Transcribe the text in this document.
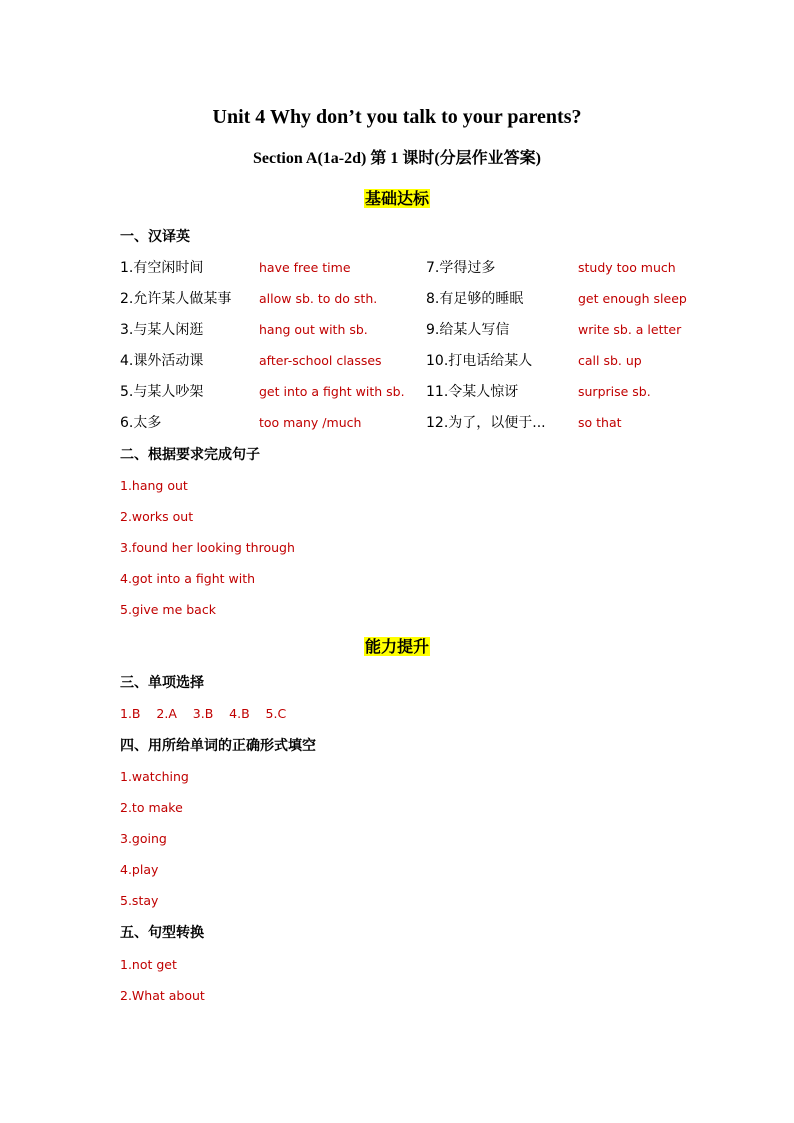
Unit 4 Why don’t you talk to your parents?
Section A(1a-2d) 第 1 课时(分层作业答案)
基础达标
一、汉译英
1.有空闲时间	have free time	7.学得过多	study too much
2.允许某人做某事 allow sb. to do sth.	8.有足够的睡眠	get enough sleep
3.与某人闲逛	hang out with sb.	9.给某人写信	write sb. a letter
4.课外活动课	after-school classes	10.打电话给某人	call sb. up
5.与某人吵架	get into a fight with sb. 11.令某人惊讶	surprise sb.
6.太多	too many /much	12.为了，以便于...	so that
二、根据要求完成句子
1.hang out
2.works out
3.found her looking through
4.got into a fight with
5.give me back
能力提升
三、单项选择
1.B    2.A    3.B    4.B    5.C
四、用所给单词的正确形式填空
1.watching
2.to make
3.going
4.play
5.stay
五、句型转换
1.not get
2.What about
